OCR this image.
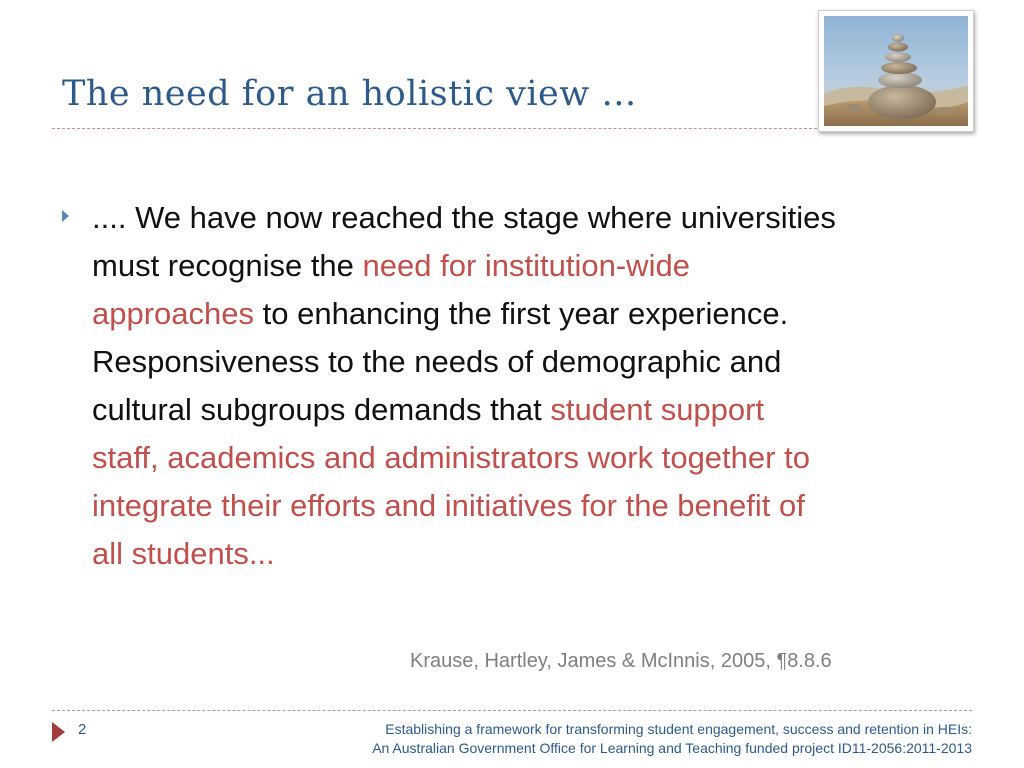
The need for an holistic view …
.... We have now reached the stage where universities
must recognise the need for institution-wide
approaches to enhancing the first year experience.
Responsiveness to the needs of demographic and
cultural subgroups demands that student support
staff, academics and administrators work together to
integrate their efforts and initiatives for the benefit of
all students...
Krause, Hartley, James & McInnis, 2005, ¶8.8.6
2	Establishing a framework for transforming student engagement, success and retention in HEIs:
An Australian Government Office for Learning and Teaching funded project ID11-2056:2011-2013
